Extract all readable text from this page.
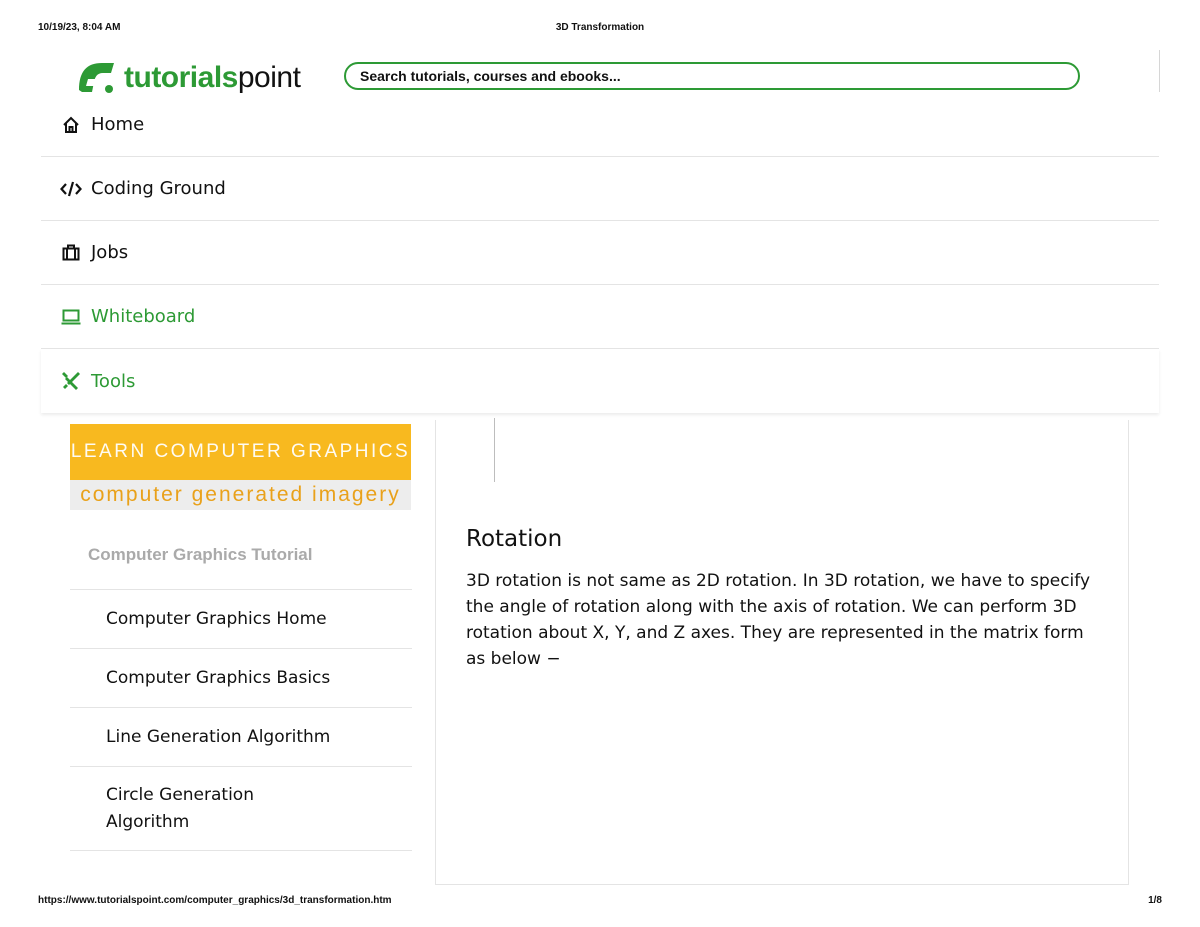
10/19/23, 8:04 AM	3D Transformation
tutorialspoint
Search tutorials, courses and ebooks...
Home
Coding Ground
Jobs
Whiteboard
Tools
LEARN COMPUTER GRAPHICS
computer generated imagery
Computer Graphics Tutorial
Computer Graphics Home
Computer Graphics Basics
Line Generation Algorithm
Circle Generation Algorithm
Rotation

3D rotation is not same as 2D rotation. In 3D rotation, we have to specify the angle of rotation along with the axis of rotation. We can perform 3D rotation about X, Y, and Z axes. They are represented in the matrix form as below −

https://www.tutorialspoint.com/computer_graphics/3d_transformation.htm	1/8
